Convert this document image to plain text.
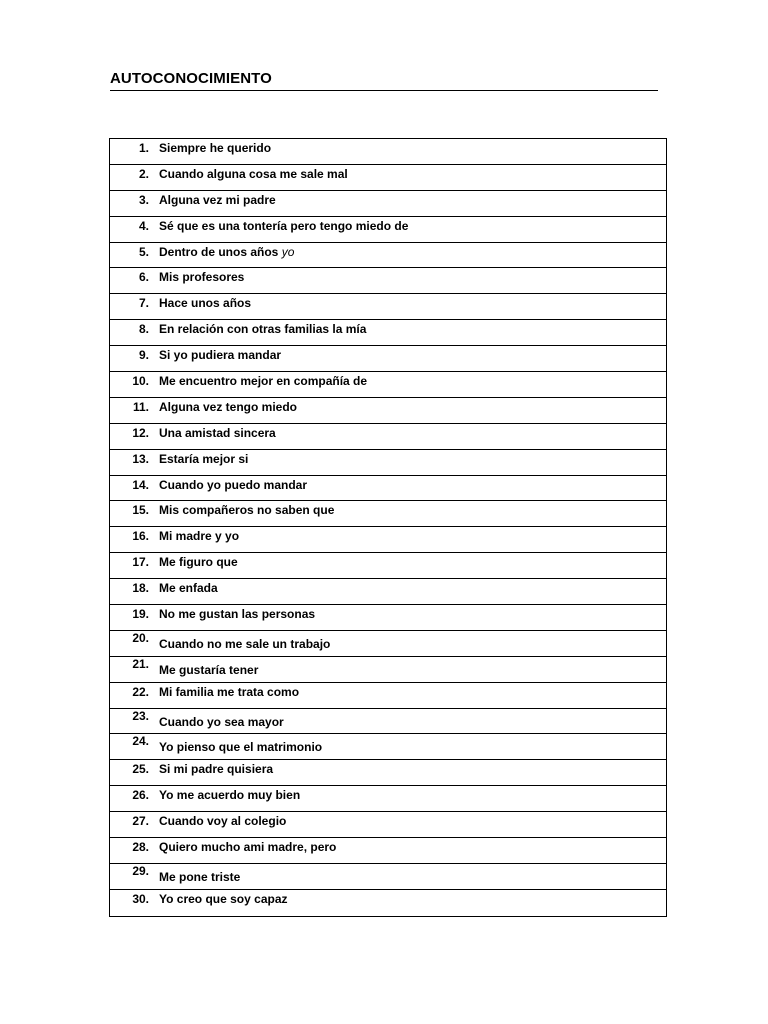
AUTOCONOCIMIENTO
1. Siempre he querido
2. Cuando alguna cosa me sale mal
3. Alguna vez mi padre
4. Sé que es una tontería pero tengo miedo de
5. Dentro de unos años yo
6. Mis profesores
7. Hace unos años
8. En relación con otras familias la mía
9. Si yo pudiera mandar
10. Me encuentro mejor en compañía de
11. Alguna vez tengo miedo
12. Una amistad sincera
13. Estaría mejor si
14. Cuando yo puedo mandar
15. Mis compañeros no saben que
16. Mi madre y yo
17. Me figuro que
18. Me enfada
19. No me gustan las personas
20. Cuando no me sale un trabajo
21. Me gustaría tener
22. Mi familia me trata como
23. Cuando yo sea mayor
24. Yo pienso que el matrimonio
25. Si mi padre quisiera
26. Yo me acuerdo muy bien
27. Cuando voy al colegio
28. Quiero mucho ami madre, pero
29. Me pone triste
30. Yo creo que soy capaz
